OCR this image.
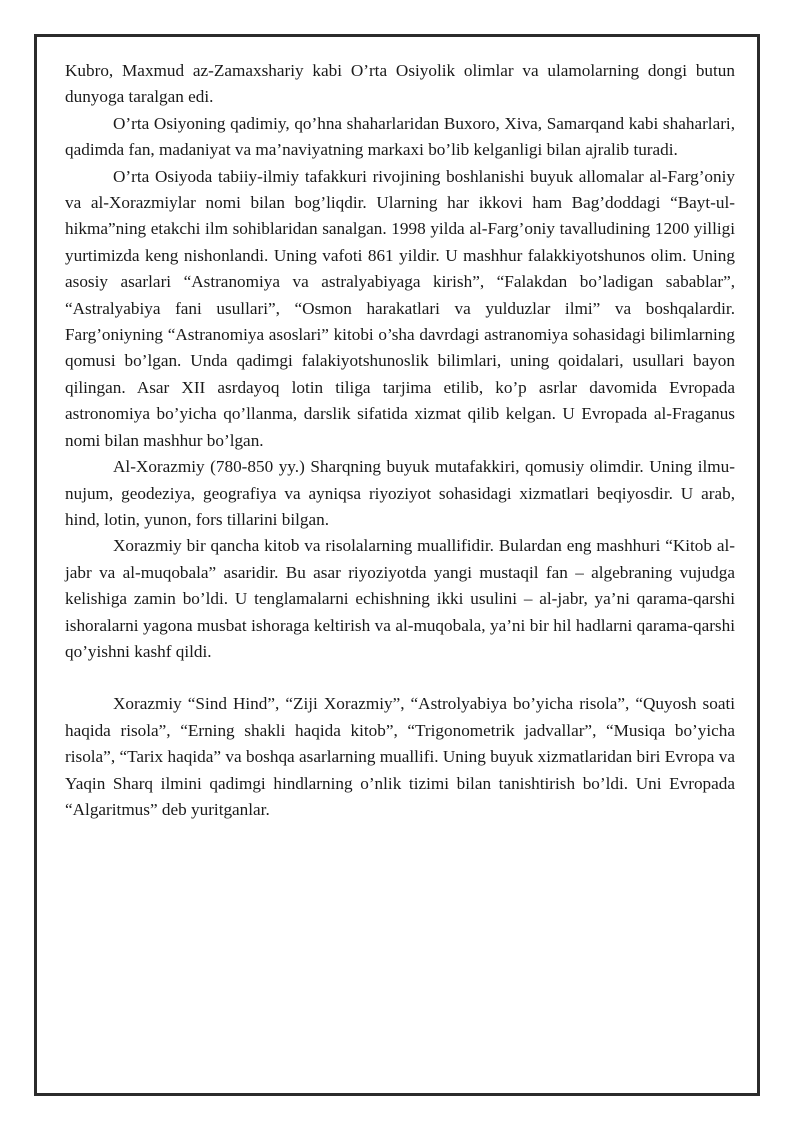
Kubro, Maxmud az-Zamaxshariy kabi O’rta Osiyolik olimlar va ulamolarning dongi butun dunyoga taralgan edi.

O’rta Osiyoning qadimiy, qo’hna shaharlaridan Buxoro, Xiva, Samarqand kabi shaharlari, qadimda fan, madaniyat va ma’naviyatning markaxi bo’lib kelganligi bilan ajralib turadi.

O’rta Osiyoda tabiiy-ilmiy tafakkuri rivojining boshlanishi buyuk allomalar al-Farg’oniy va al-Xorazmiylar nomi bilan bog’liqdir. Ularning har ikkovi ham Bag’doddagi “Bayt-ul-hikma”ning etakchi ilm sohiblaridan sanalgan. 1998 yilda al-Farg’oniy tavalludining 1200 yilligi yurtimizda keng nishonlandi. Uning vafoti 861 yildir. U mashhur falakkiyotshunos olim. Uning asosiy asarlari “Astranomiya va astralyabiyaga kirish”, “Falakdan bo’ladigan sabablar”, “Astralyabiya fani usullari”, “Osmon harakatlari va yulduzlar ilmi” va boshqalardir. Farg’oniyning “Astranomiya asoslari” kitobi o’sha davrdagi astranomiya sohasidagi bilimlarning qomusi bo’lgan. Unda qadimgi falakiyotshunoslik bilimlari, uning qoidalari, usullari bayon qilingan. Asar XII asrdayoq lotin tiliga tarjima etilib, ko’p asrlar davomida Evropada astronomiya bo’yicha qo’llanma, darslik sifatida xizmat qilib kelgan. U Evropada al-Fraganus nomi bilan mashhur bo’lgan.

Al-Xorazmiy (780-850 yy.) Sharqning buyuk mutafakkiri, qomusiy olimdir. Uning ilmu-nujum, geodeziya, geografiya va ayniqsa riyoziyot sohasidagi xizmatlari beqiyosdir. U arab, hind, lotin, yunon, fors tillarini bilgan.

Xorazmiy bir qancha kitob va risolalarning muallifidir. Bulardan eng mashhuri “Kitob al-jabr va al-muqobala” asaridir. Bu asar riyoziyotda yangi mustaqil fan – algebraning vujudga kelishiga zamin bo’ldi. U tenglamalarni echishning ikki usulini – al-jabr, ya’ni qarama-qarshi ishoralarni yagona musbat ishoraga keltirish va al-muqobala, ya’ni bir hil hadlarni qarama-qarshi qo’yishni kashf qildi.

Xorazmiy “Sind Hind”, “Ziji Xorazmiy”, “Astrolyabiya bo’yicha risola”, “Quyosh soati haqida risola”, “Erning shakli haqida kitob”, “Trigonometrik jadvallar”, “Musiqa bo’yicha risola”, “Tarix haqida” va boshqa asarlarning muallifi. Uning buyuk xizmatlaridan biri Evropa va Yaqin Sharq ilmini qadimgi hindlarning o’nlik tizimi bilan tanishtirish bo’ldi. Uni Evropada “Algaritmus” deb yuritganlar.
